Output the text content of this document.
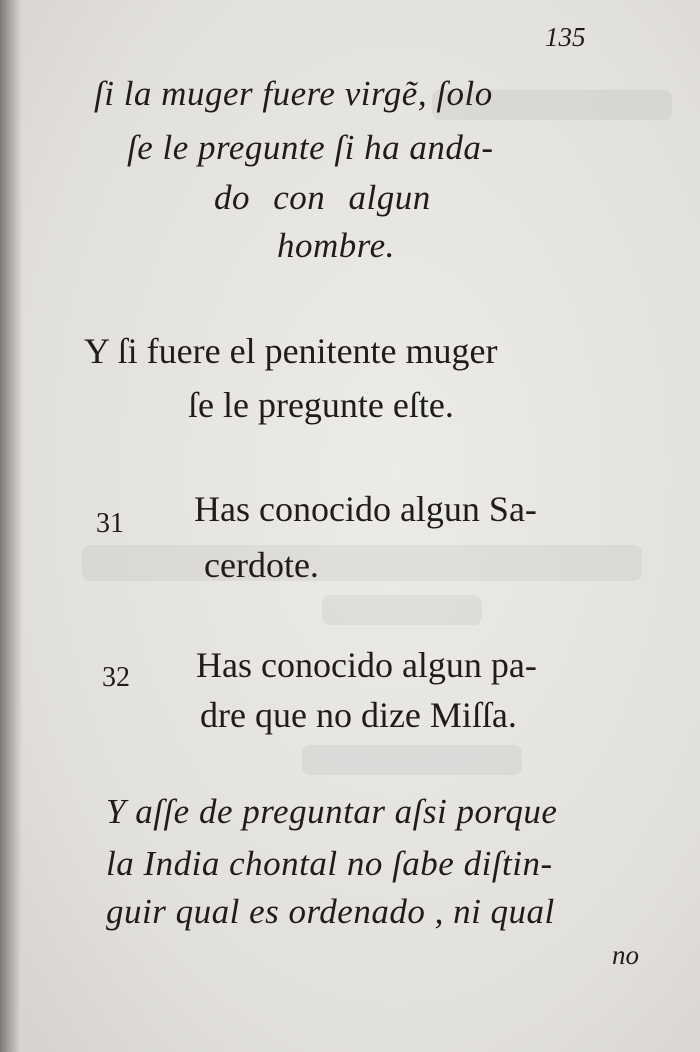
135
ſi la muger fuere virgẽ, ſolo
ſe le pregunte ſi ha anda-
do con algun
hombre.
Y ſi fuere el penitente muger
ſe le pregunte eſte.
31 Has conocido algun Sa-
cerdote.
32 Has conocido algun pa-
dre que no dize Miſſa.
Y aſſe de preguntar aſsi porque
la India chontal no ſabe diſtin-
guir qual es ordenado , ni qual
no
